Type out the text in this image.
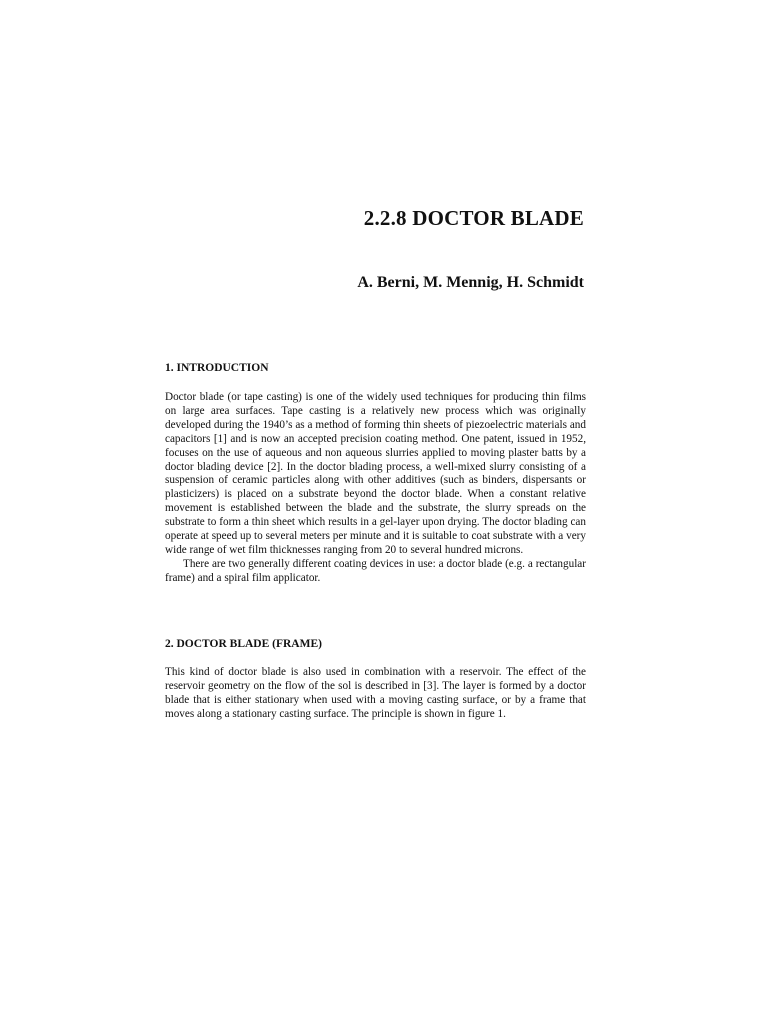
2.2.8 DOCTOR BLADE
A. Berni, M. Mennig, H. Schmidt
1. INTRODUCTION

Doctor blade (or tape casting) is one of the widely used techniques for producing thin films on large area surfaces. Tape casting is a relatively new process which was originally developed during the 1940’s as a method of forming thin sheets of piezoelectric materials and capacitors [1] and is now an accepted precision coating method. One patent, issued in 1952, focuses on the use of aqueous and non aqueous slurries applied to moving plaster batts by a doctor blading device [2]. In the doctor blading process, a well-mixed slurry consisting of a suspension of ceramic particles along with other additives (such as binders, dispersants or plasticizers) is placed on a substrate beyond the doctor blade. When a constant relative movement is established between the blade and the substrate, the slurry spreads on the substrate to form a thin sheet which results in a gel-layer upon drying. The doctor blading can operate at speed up to several meters per minute and it is suitable to coat substrate with a very wide range of wet film thicknesses ranging from 20 to several hundred microns.

There are two generally different coating devices in use: a doctor blade (e.g. a rectangular frame) and a spiral film applicator.

2. DOCTOR BLADE (FRAME)

This kind of doctor blade is also used in combination with a reservoir. The effect of the reservoir geometry on the flow of the sol is described in [3]. The layer is formed by a doctor blade that is either stationary when used with a moving casting surface, or by a frame that moves along a stationary casting surface. The principle is shown in figure 1.
